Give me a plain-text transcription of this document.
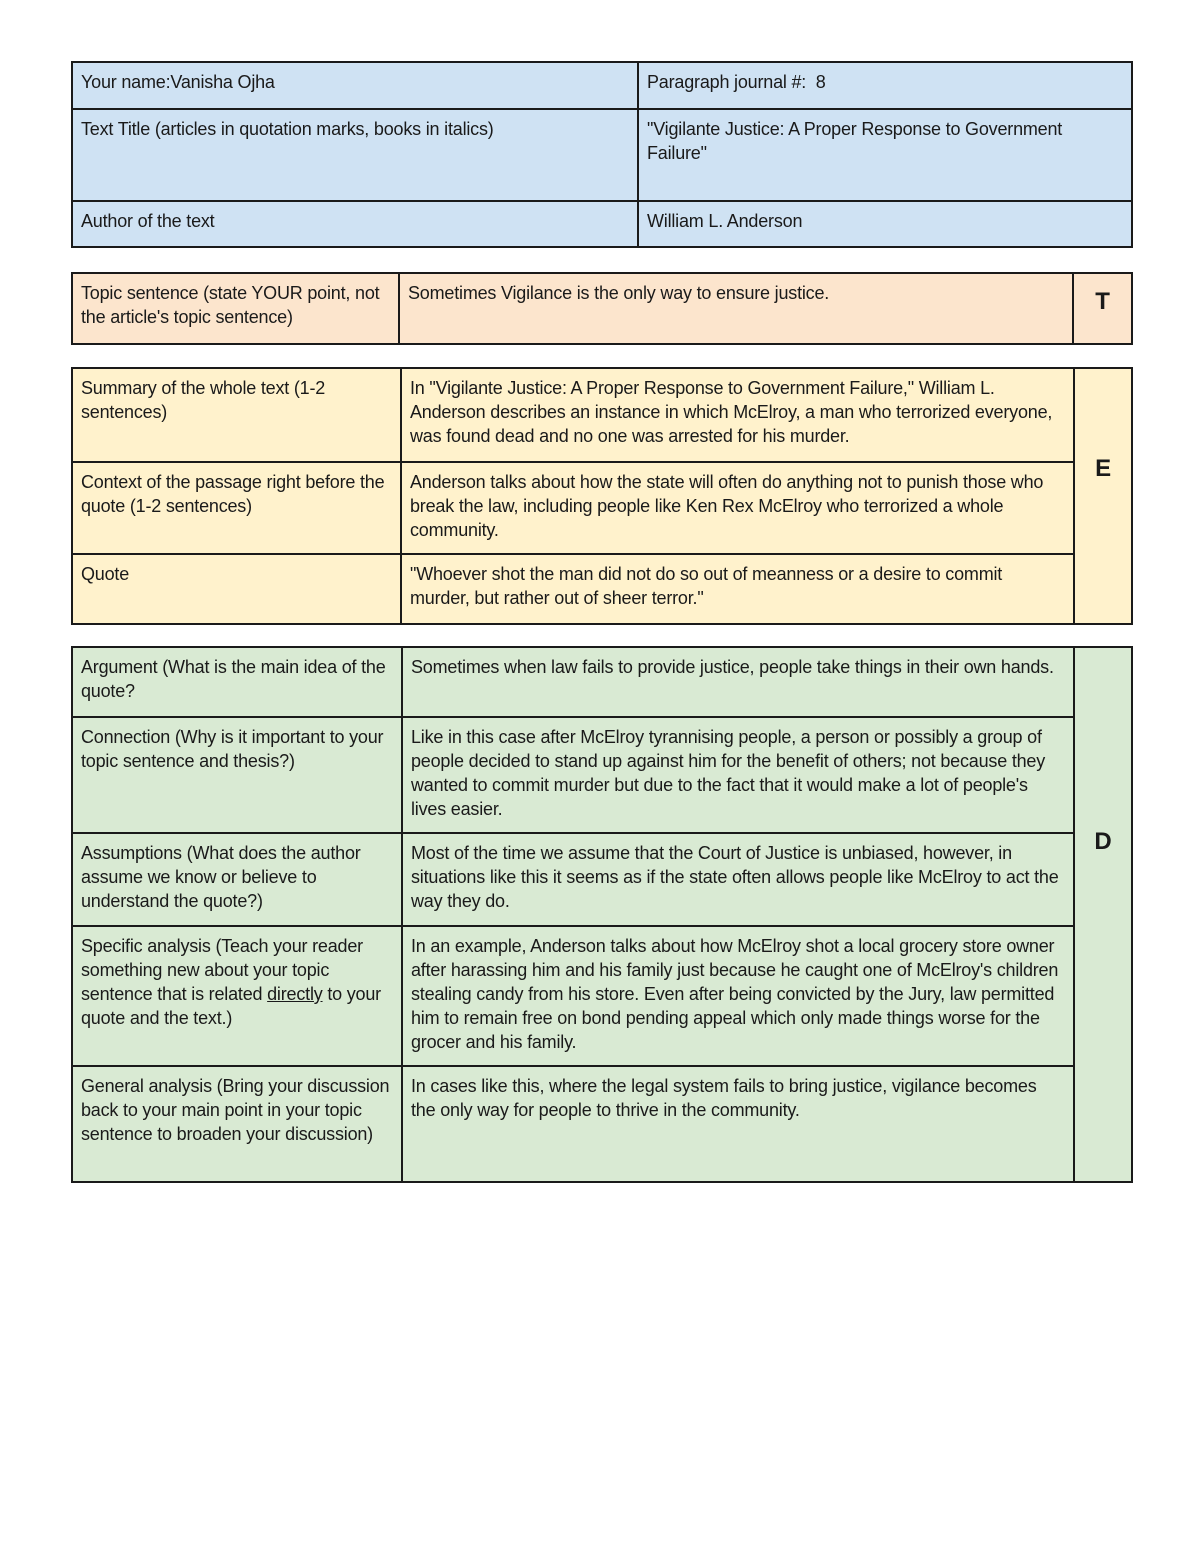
Your name:Vanisha Ojha	Paragraph journal #: 8
Text Title (articles in quotation marks, books in italics)	"Vigilante Justice: A Proper Response to Government Failure"
Author of the text	William L. Anderson
Topic sentence (state YOUR point, not the article's topic sentence)	Sometimes Vigilance is the only way to ensure justice.	T
Summary of the whole text (1-2 sentences)	In "Vigilante Justice: A Proper Response to Government Failure," William L. Anderson describes an instance in which McElroy, a man who terrorized everyone, was found dead and no one was arrested for his murder.	E
Context of the passage right before the quote (1-2 sentences)	Anderson talks about how the state will often do anything not to punish those who break the law, including people like Ken Rex McElroy who terrorized a whole community.	
Quote	"Whoever shot the man did not do so out of meanness or a desire to commit murder, but rather out of sheer terror."	
Argument (What is the main idea of the quote?	Sometimes when law fails to provide justice, people take things in their own hands.	D
Connection (Why is it important to your topic sentence and thesis?)	Like in this case after McElroy tyrannising people, a person or possibly a group of people decided to stand up against him for the benefit of others; not because they wanted to commit murder but due to the fact that it would make a lot of people's lives easier.	
Assumptions (What does the author assume we know or believe to understand the quote?)	Most of the time we assume that the Court of Justice is unbiased, however, in situations like this it seems as if the state often allows people like McElroy to act the way they do.	
Specific analysis (Teach your reader something new about your topic sentence that is related directly to your quote and the text.)	In an example, Anderson talks about how McElroy shot a local grocery store owner after harassing him and his family just because he caught one of McElroy's children stealing candy from his store. Even after being convicted by the Jury, law permitted him to remain free on bond pending appeal which only made things worse for the grocer and his family.	
General analysis (Bring your discussion back to your main point in your topic sentence to broaden your discussion)	In cases like this, where the legal system fails to bring justice, vigilance becomes the only way for people to thrive in the community.	
